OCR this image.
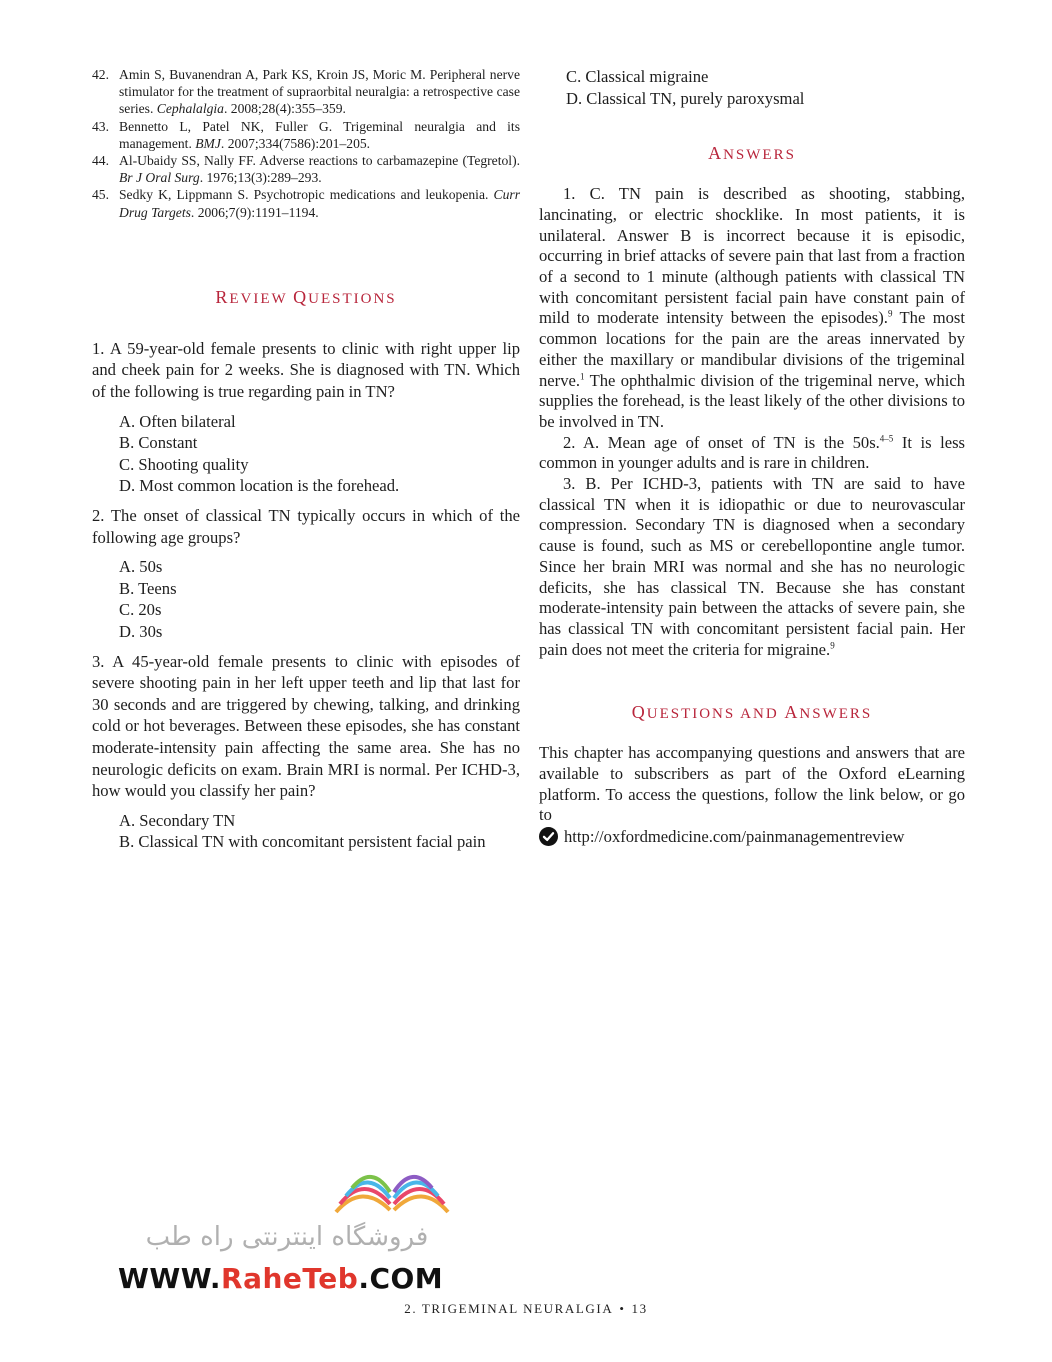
42. Amin S, Buvanendran A, Park KS, Kroin JS, Moric M. Peripheral nerve stimulator for the treatment of supraorbital neuralgia: a retrospective case series. Cephalalgia. 2008;28(4):355–359.

43. Bennetto L, Patel NK, Fuller G. Trigeminal neuralgia and its management. BMJ. 2007;334(7586):201–205.

44. Al-Ubaidy SS, Nally FF. Adverse reactions to carbamazepine (Tegretol). Br J Oral Surg. 1976;13(3):289–293.

45. Sedky K, Lippmann S. Psychotropic medications and leukopenia. Curr Drug Targets. 2006;7(9):1191–1194.

REVIEW QUESTIONS

1. A 59-year-old female presents to clinic with right upper lip and cheek pain for 2 weeks. She is diagnosed with TN. Which of the following is true regarding pain in TN?

A. Often bilateral
B. Constant
C. Shooting quality
D. Most common location is the forehead.

2. The onset of classical TN typically occurs in which of the following age groups?

A. 50s
B. Teens
C. 20s
D. 30s

3. A 45-year-old female presents to clinic with episodes of severe shooting pain in her left upper teeth and lip that last for 30 seconds and are triggered by chewing, talking, and drinking cold or hot beverages. Between these episodes, she has constant moderate-intensity pain affecting the same area. She has no neurologic deficits on exam. Brain MRI is normal. Per ICHD-3, how would you classify her pain?

A. Secondary TN
B. Classical TN with concomitant persistent facial pain
C. Classical migraine
D. Classical TN, purely paroxysmal
ANSWERS

1. C. TN pain is described as shooting, stabbing, lancinating, or electric shocklike. In most patients, it is unilateral. Answer B is incorrect because it is episodic, occurring in brief attacks of severe pain that last from a fraction of a second to 1 minute (although patients with classical TN with concomitant persistent facial pain have constant pain of mild to moderate intensity between the episodes).$^9$ The most common locations for the pain are the areas innervated by either the maxillary or mandibular divisions of the trigeminal nerve.$^1$ The ophthalmic division of the trigeminal nerve, which supplies the forehead, is the least likely of the other divisions to be involved in TN.

2. A. Mean age of onset of TN is the 50s.$^{4-5}$ It is less common in younger adults and is rare in children.

3. B. Per ICHD-3, patients with TN are said to have classical TN when it is idiopathic or due to neurovascular compression. Secondary TN is diagnosed when a secondary cause is found, such as MS or cerebellopontine angle tumor. Since her brain MRI was normal and she has no neurologic deficits, she has classical TN. Because she has constant moderate-intensity pain between the attacks of severe pain, she has classical TN with concomitant persistent facial pain. Her pain does not meet the criteria for migraine.$^9$

QUESTIONS AND ANSWERS

This chapter has accompanying questions and answers that are available to subscribers as part of the Oxford eLearning platform. To access the questions, follow the link below, or go to

http://oxfordmedicine.com/painmanagementreview

فروشگاه اینترنتی راه طب
WWW.RaheTeb.COM
2. TRIGEMINAL NEURALGIA • 13
